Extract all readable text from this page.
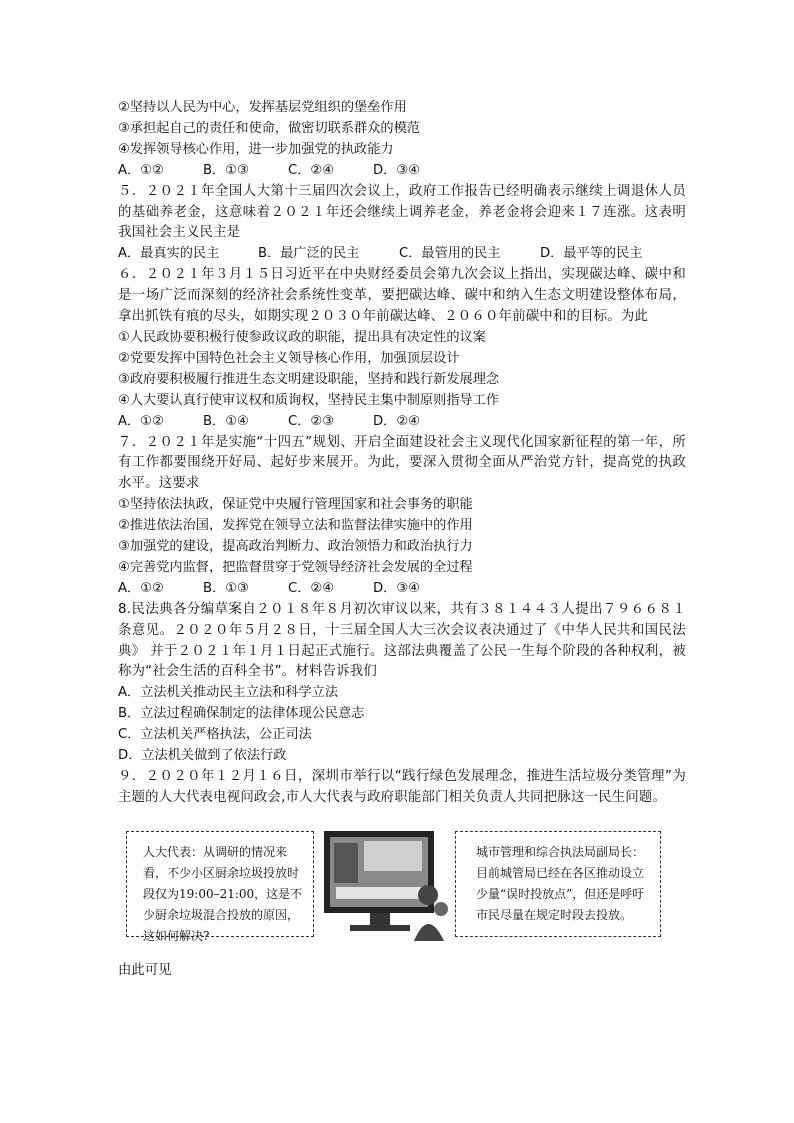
②坚持以人民为中心，发挥基层党组织的堡垒作用

③承担起自己的责任和使命，做密切联系群众的模范

④发挥领导核心作用，进一步加强党的执政能力

A．①②	B．①③	C．②④	D．③④

５．２０２１年全国人大第十三届四次会议上，政府工作报告已经明确表示继续上调退休人员的基础养老金，这意味着２０２１年还会继续上调养老金，养老金将会迎来１７连涨。这表明我国社会主义民主是

A．最真实的民主	B．最广泛的民主	C．最管用的民主	D．最平等的民主

６．２０２１年３月１５日习近平在中央财经委员会第九次会议上指出，实现碳达峰、碳中和是一场广泛而深刻的经济社会系统性变革，要把碳达峰、碳中和纳入生态文明建设整体布局，拿出抓铁有痕的尽头，如期实现２０３０年前碳达峰、２０６０年前碳中和的目标。为此

①人民政协要积极行使参政议政的职能，提出具有决定性的议案

②党要发挥中国特色社会主义领导核心作用，加强顶层设计

③政府要积极履行推进生态文明建设职能，坚持和践行新发展理念

④人大要认真行使审议权和质询权，坚持民主集中制原则指导工作

A．①②	B．①④	C．②③	D．②④

７．２０２１年是实施“十四五”规划、开启全面建设社会主义现代化国家新征程的第一年，所有工作都要围绕开好局、起好步来展开。为此，要深入贯彻全面从严治党方针，提高党的执政水平。这要求

①坚持依法执政，保证党中央履行管理国家和社会事务的职能

②推进依法治国，发挥党在领导立法和监督法律实施中的作用

③加强党的建设，提高政治判断力、政治领悟力和政治执行力

④完善党内监督，把监督贯穿于党领导经济社会发展的全过程

A．①②	B．①③	C．②④	D．③④

8.民法典各分编草案自２０１８年８月初次审议以来，共有３８１４４３人提出７９６６８１条意见。２０２０年５月２８日，十三届全国人大三次会议表决通过了《中华人民共和国民法典》 并于２０２１年１月１日起正式施行。这部法典覆盖了公民一生每个阶段的各种权利，被称为“社会生活的百科全书”。材料告诉我们

A．立法机关推动民主立法和科学立法

B．立法过程确保制定的法律体现公民意志

C．立法机关严格执法，公正司法

D．立法机关做到了依法行政

９．２０２０年１２月１６日，深圳市举行以“践行绿色发展理念，推进生活垃圾分类管理”为主题的人大代表电视问政会,市人大代表与政府职能部门相关负责人共同把脉这一民生问题。

人大代表：从调研的情况来看，不少小区厨余垃圾投放时段仅为19:00–21:00，这是不少厨余垃圾混合投放的原因，这如何解决?
城市管理和综合执法局副局长：目前城管局已经在各区推动设立少量“误时投放点”，但还是呼吁市民尽量在规定时段去投放。

由此可见
